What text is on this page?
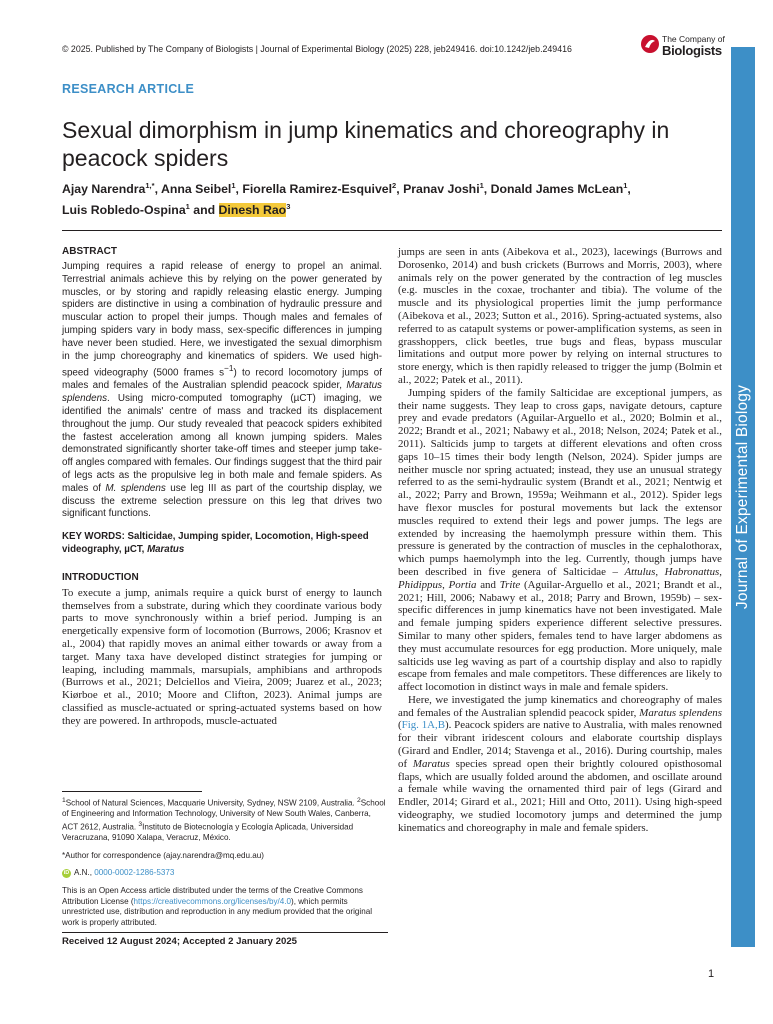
© 2025. Published by The Company of Biologists | Journal of Experimental Biology (2025) 228, jeb249416. doi:10.1242/jeb.249416
The Company of
Biologists
Journal of Experimental Biology
RESEARCH ARTICLE
Sexual dimorphism in jump kinematics and choreography in peacock spiders
Ajay Narendra$^{1,*}$, Anna Seibel$^1$, Fiorella Ramirez-Esquivel$^2$, Pranav Joshi$^1$, Donald James McLean$^1$,
Luis Robledo-Ospina$^1$ and Dinesh Rao$^3$
ABSTRACT

Jumping requires a rapid release of energy to propel an animal. Terrestrial animals achieve this by relying on the power generated by muscles, or by storing and rapidly releasing elastic energy. Jumping spiders are distinctive in using a combination of hydraulic pressure and muscular action to propel their jumps. Though males and females of jumping spiders vary in body mass, sex-specific differences in jumping have never been studied. Here, we investigated the sexual dimorphism in the jump choreography and kinematics of spiders. We used high-speed videography (5000 frames $s^{-1}$) to record locomotory jumps of males and females of the Australian splendid peacock spider, Maratus splendens. Using micro-computed tomography (µCT) imaging, we identified the animals' centre of mass and tracked its displacement throughout the jump. Our study revealed that peacock spiders exhibited the fastest acceleration among all known jumping spiders. Males demonstrated significantly shorter take-off times and steeper jump take-off angles compared with females. Our findings suggest that the third pair of legs acts as the propulsive leg in both male and female spiders. As males of M. splendens use leg III as part of the courtship display, we discuss the extreme selection pressure on this leg that drives two significant functions.

KEY WORDS: Salticidae, Jumping spider, Locomotion, High-speed videography, µCT, Maratus

INTRODUCTION

To execute a jump, animals require a quick burst of energy to launch themselves from a substrate, during which they coordinate various body parts to move synchronously within a brief period. Jumping is an energetically expensive form of locomotion (Burrows, 2006; Krasnov et al., 2004) that rapidly moves an animal either towards or away from a target. Many taxa have developed distinct strategies for jumping or leaping, including mammals, marsupials, amphibians and arthropods (Burrows et al., 2021; Delciellos and Vieira, 2009; Juarez et al., 2023; Kiørboe et al., 2010; Moore and Clifton, 2023). Animal jumps are classified as muscle-actuated or spring-actuated systems based on how they are powered. In arthropods, muscle-actuated

$^1$School of Natural Sciences, Macquarie University, Sydney, NSW 2109, Australia. $^2$School of Engineering and Information Technology, University of New South Wales, Canberra, ACT 2612, Australia. $^3$Instituto de Biotecnología y Ecología Aplicada, Universidad Veracruzana, 91090 Xalapa, Veracruz, México.

*Author for correspondence (ajay.narendra@mq.edu.au)

iD A.N., 0000-0002-1286-5373

This is an Open Access article distributed under the terms of the Creative Commons Attribution License (https://creativecommons.org/licenses/by/4.0), which permits unrestricted use, distribution and reproduction in any medium provided that the original work is properly attributed.

Received 12 August 2024; Accepted 2 January 2025

jumps are seen in ants (Aibekova et al., 2023), lacewings (Burrows and Dorosenko, 2014) and bush crickets (Burrows and Morris, 2003), where animals rely on the power generated by the contraction of leg muscles (e.g. muscles in the coxae, trochanter and tibia). The volume of the muscle and its physiological properties limit the jump performance (Aibekova et al., 2023; Sutton et al., 2016). Spring-actuated systems, also referred to as catapult systems or power-amplification systems, as seen in grasshoppers, click beetles, true bugs and fleas, bypass muscular limitations and output more power by relying on internal structures to store energy, which is then rapidly released to trigger the jump (Bolmin et al., 2022; Patek et al., 2011).

Jumping spiders of the family Salticidae are exceptional jumpers, as their name suggests. They leap to cross gaps, navigate detours, capture prey and evade predators (Aguilar-Arguello et al., 2020; Bolmin et al., 2022; Brandt et al., 2021; Nabawy et al., 2018; Nelson, 2024; Patek et al., 2011). Salticids jump to targets at different elevations and often cross gaps 10–15 times their body length (Nelson, 2024). Spider jumps are neither muscle nor spring actuated; instead, they use an unusual strategy referred to as the semi-hydraulic system (Brandt et al., 2021; Nentwig et al., 2022; Parry and Brown, 1959a; Weihmann et al., 2012). Spider legs have flexor muscles for postural movements but lack the extensor muscles required to extend their legs and power jumps. The legs are extended by increasing the haemolymph pressure within them. This pressure is generated by the contraction of muscles in the cephalothorax, which pumps haemolymph into the leg. Currently, though jumps have been described in five genera of Salticidae – Attulus, Habronattus, Phidippus, Portia and Trite (Aguilar-Arguello et al., 2021; Brandt et al., 2021; Hill, 2006; Nabawy et al., 2018; Parry and Brown, 1959b) – sex-specific differences in jump kinematics have not been investigated. Male and female jumping spiders experience different selective pressures. Similar to many other spiders, females tend to have larger abdomens as they must accumulate resources for egg production. More uniquely, male salticids use leg waving as part of a courtship display and also to rapidly escape from females and male competitors. These differences are likely to affect locomotion in distinct ways in male and female spiders.

Here, we investigated the jump kinematics and choreography of males and females of the Australian splendid peacock spider, Maratus splendens (Fig. 1A,B). Peacock spiders are native to Australia, with males renowned for their vibrant iridescent colours and elaborate courtship displays (Girard and Endler, 2014; Stavenga et al., 2016). During courtship, males of Maratus species spread open their brightly coloured opisthosomal flaps, which are usually folded around the abdomen, and oscillate around a female while waving the ornamented third pair of legs (Girard and Endler, 2014; Girard et al., 2021; Hill and Otto, 2011). Using high-speed videography, we studied locomotory jumps and determined the jump kinematics and choreography in male and female spiders.

1
